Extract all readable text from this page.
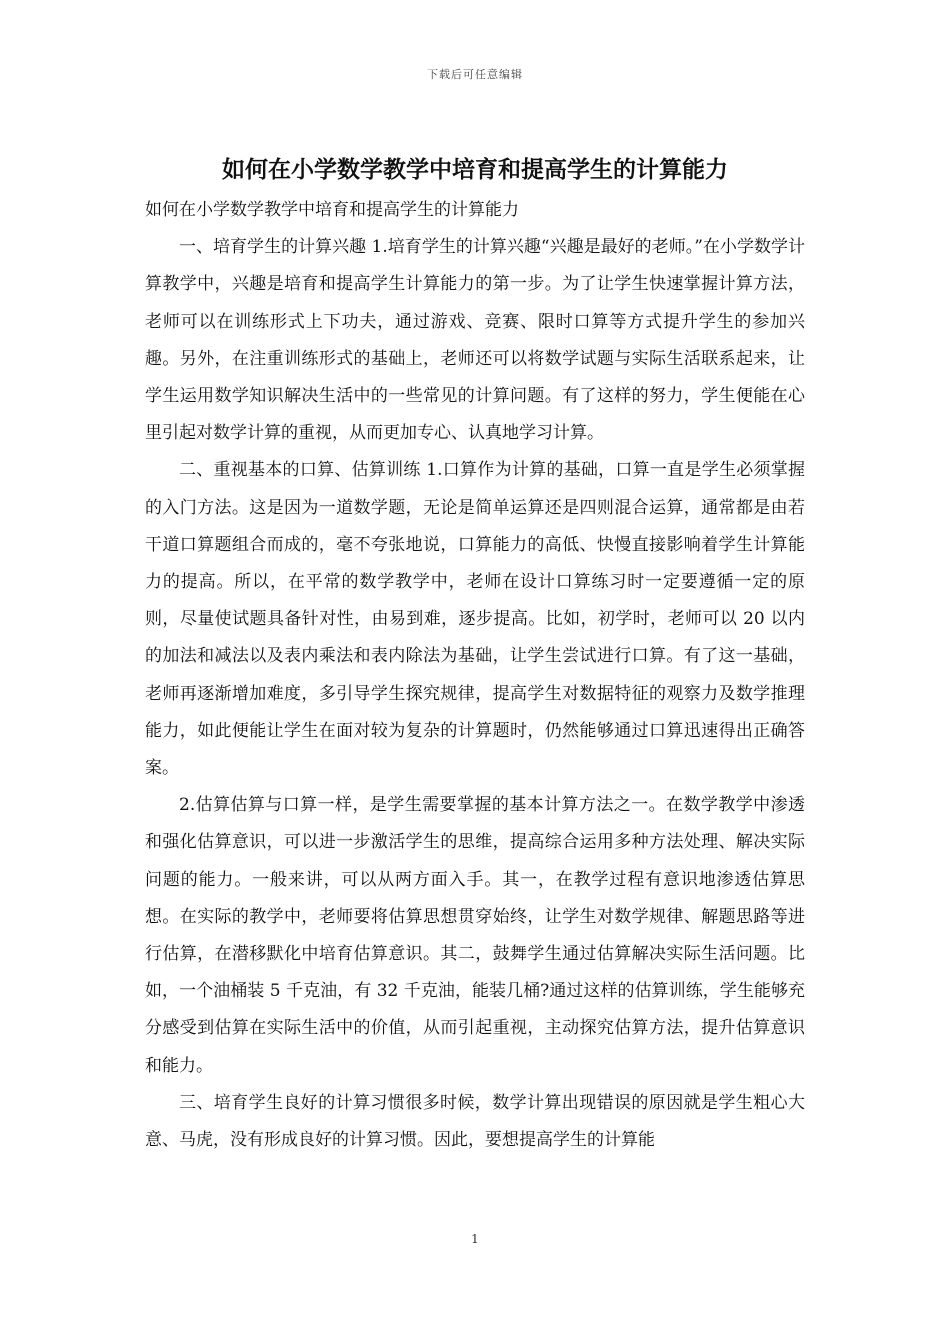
下载后可任意编辑
如何在小学数学教学中培育和提高学生的计算能力

如何在小学数学教学中培育和提高学生的计算能力

一、培育学生的计算兴趣 1.培育学生的计算兴趣“兴趣是最好的老师。”在小学数学计算教学中，兴趣是培育和提高学生计算能力的第一步。为了让学生快速掌握计算方法，老师可以在训练形式上下功夫，通过游戏、竞赛、限时口算等方式提升学生的参加兴趣。另外，在注重训练形式的基础上，老师还可以将数学试题与实际生活联系起来，让学生运用数学知识解决生活中的一些常见的计算问题。有了这样的努力，学生便能在心里引起对数学计算的重视，从而更加专心、认真地学习计算。

二、重视基本的口算、估算训练 1.口算作为计算的基础，口算一直是学生必须掌握的入门方法。这是因为一道数学题，无论是简单运算还是四则混合运算，通常都是由若干道口算题组合而成的，毫不夸张地说，口算能力的高低、快慢直接影响着学生计算能力的提高。所以，在平常的数学教学中，老师在设计口算练习时一定要遵循一定的原则，尽量使试题具备针对性，由易到难，逐步提高。比如，初学时，老师可以 20 以内的加法和减法以及表内乘法和表内除法为基础，让学生尝试进行口算。有了这一基础，老师再逐渐增加难度，多引导学生探究规律，提高学生对数据特征的观察力及数学推理能力，如此便能让学生在面对较为复杂的计算题时，仍然能够通过口算迅速得出正确答案。

2.估算估算与口算一样，是学生需要掌握的基本计算方法之一。在数学教学中渗透和强化估算意识，可以进一步激活学生的思维，提高综合运用多种方法处理、解决实际问题的能力。一般来讲，可以从两方面入手。其一，在教学过程有意识地渗透估算思想。在实际的教学中，老师要将估算思想贯穿始终，让学生对数学规律、解题思路等进行估算，在潜移默化中培育估算意识。其二，鼓舞学生通过估算解决实际生活问题。比如，一个油桶装 5 千克油，有 32 千克油，能装几桶?通过这样的估算训练，学生能够充分感受到估算在实际生活中的价值，从而引起重视，主动探究估算方法，提升估算意识和能力。

三、培育学生良好的计算习惯很多时候，数学计算出现错误的原因就是学生粗心大意、马虎，没有形成良好的计算习惯。因此，要想提高学生的计算能

1
